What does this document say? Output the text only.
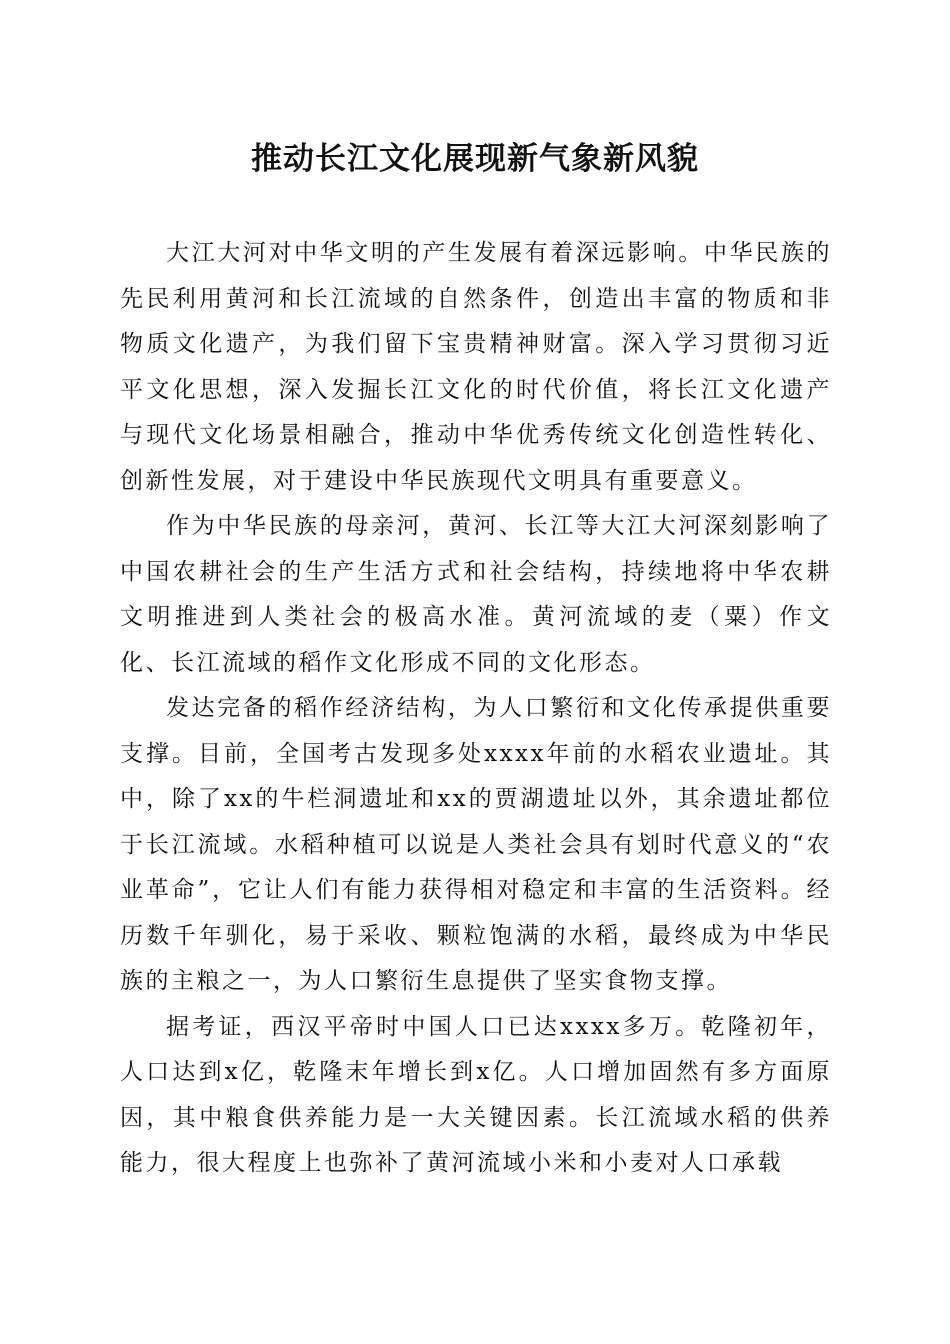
推动长江文化展现新气象新风貌

大江大河对中华文明的产生发展有着深远影响。中华民族的先民利用黄河和长江流域的自然条件，创造出丰富的物质和非物质文化遗产，为我们留下宝贵精神财富。深入学习贯彻习近平文化思想，深入发掘长江文化的时代价值，将长江文化遗产与现代文化场景相融合，推动中华优秀传统文化创造性转化、创新性发展，对于建设中华民族现代文明具有重要意义。

作为中华民族的母亲河，黄河、长江等大江大河深刻影响了中国农耕社会的生产生活方式和社会结构，持续地将中华农耕文明推进到人类社会的极高水准。黄河流域的麦（粟）作文化、长江流域的稻作文化形成不同的文化形态。

发达完备的稻作经济结构，为人口繁衍和文化传承提供重要支撑。目前，全国考古发现多处xxxx年前的水稻农业遗址。其中，除了xx的牛栏洞遗址和xx的贾湖遗址以外，其余遗址都位于长江流域。水稻种植可以说是人类社会具有划时代意义的“农业革命”，它让人们有能力获得相对稳定和丰富的生活资料。经历数千年驯化，易于采收、颗粒饱满的水稻，最终成为中华民族的主粮之一，为人口繁衍生息提供了坚实食物支撑。

据考证，西汉平帝时中国人口已达xxxx多万。乾隆初年，人口达到x亿，乾隆末年增长到x亿。人口增加固然有多方面原因，其中粮食供养能力是一大关键因素。长江流域水稻的供养能力，很大程度上也弥补了黄河流域小米和小麦对人口承载
